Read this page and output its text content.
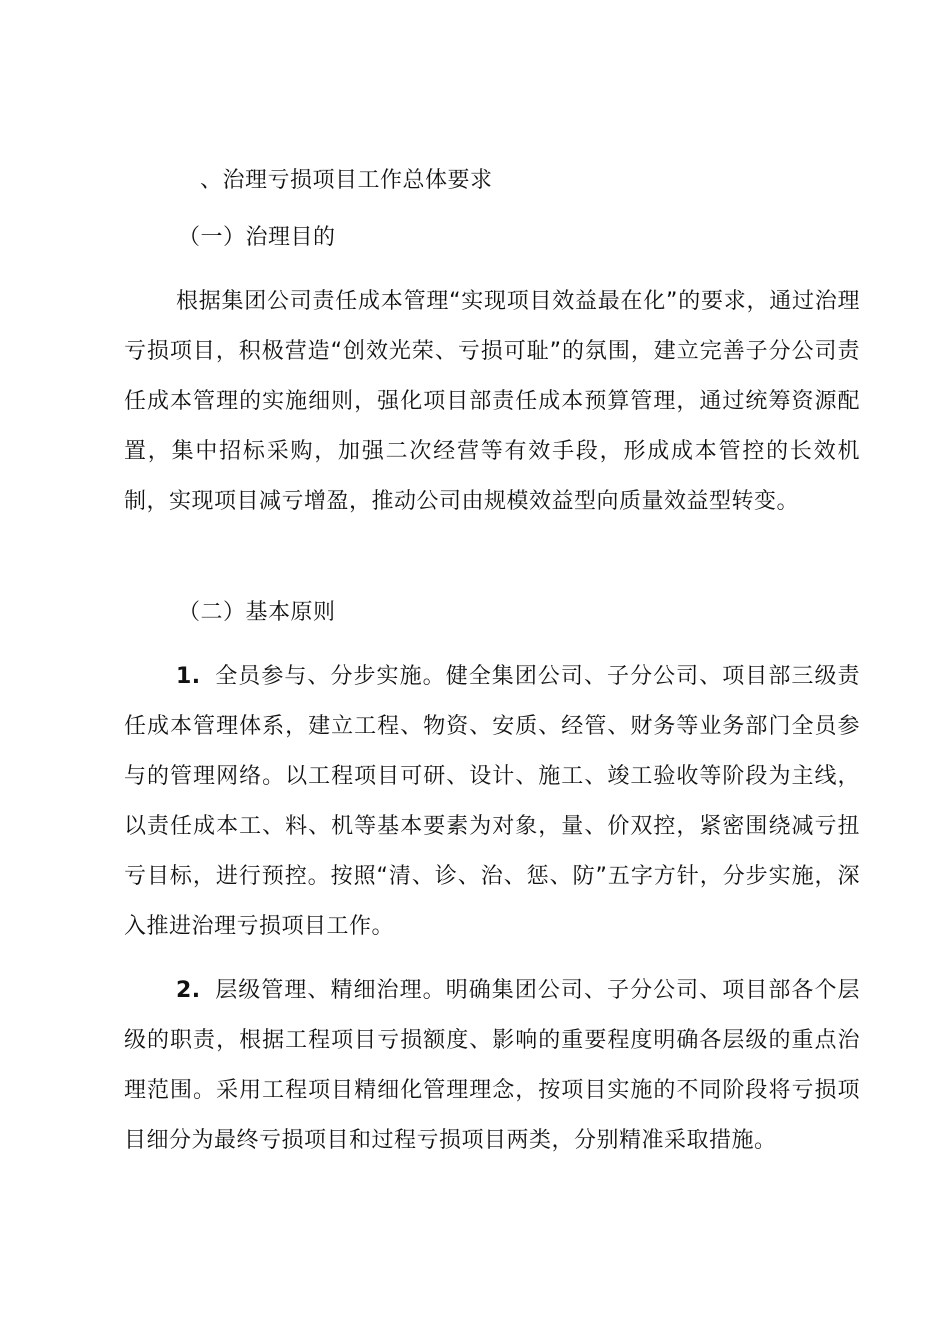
、治理亏损项目工作总体要求
（一）治理目的

根据集团公司责任成本管理“实现项目效益最在化”的要求，通过治理亏损项目，积极营造“创效光荣、亏损可耻”的氛围，建立完善子分公司责任成本管理的实施细则，强化项目部责任成本预算管理，通过统筹资源配置，集中招标采购，加强二次经营等有效手段，形成成本管控的长效机制，实现项目减亏增盈，推动公司由规模效益型向质量效益型转变。

（二）基本原则

1. 全员参与、分步实施。健全集团公司、子分公司、项目部三级责任成本管理体系，建立工程、物资、安质、经管、财务等业务部门全员参与的管理网络。以工程项目可研、设计、施工、竣工验收等阶段为主线，以责任成本工、料、机等基本要素为对象，量、价双控，紧密围绕减亏扭亏目标，进行预控。按照“清、诊、治、惩、防”五字方针，分步实施，深入推进治理亏损项目工作。

2. 层级管理、精细治理。明确集团公司、子分公司、项目部各个层级的职责，根据工程项目亏损额度、影响的重要程度明确各层级的重点治理范围。采用工程项目精细化管理理念，按项目实施的不同阶段将亏损项目细分为最终亏损项目和过程亏损项目两类，分别精准采取措施。
